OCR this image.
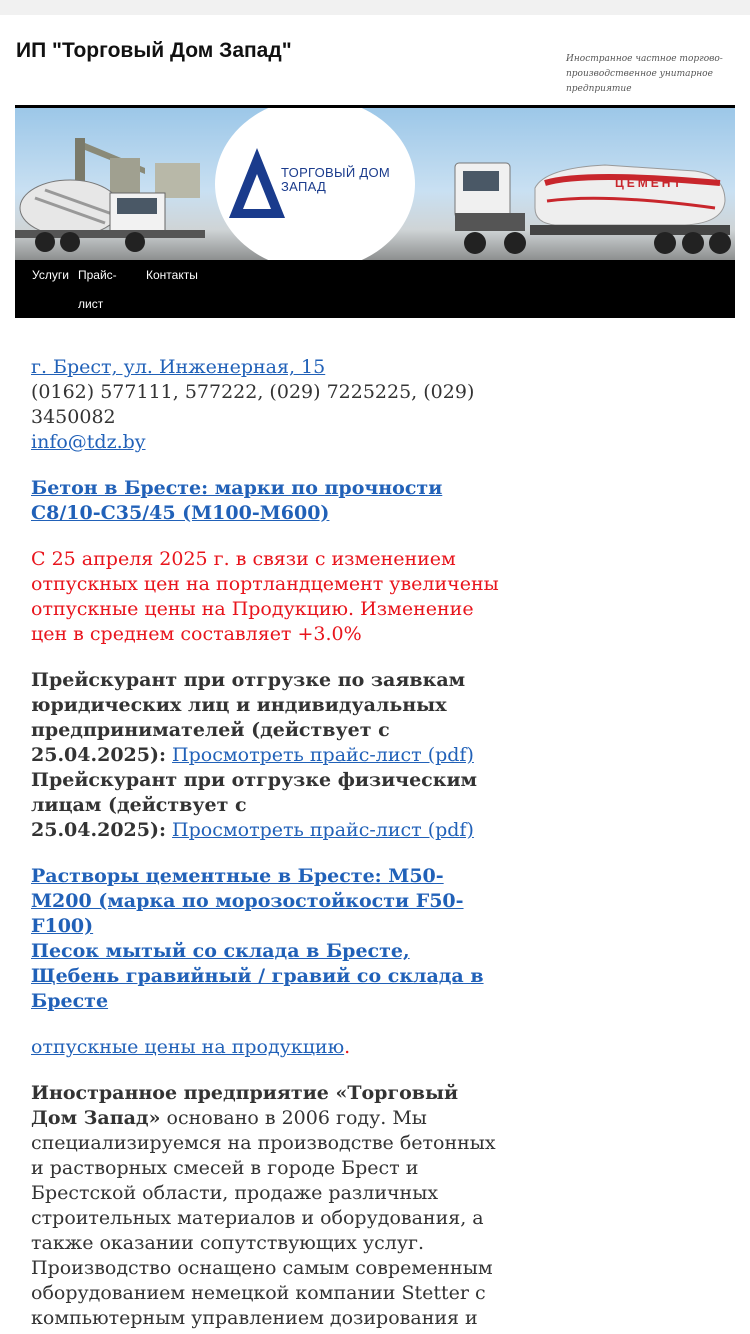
ИП "Торговый Дом Запад"	Иностранное частное торгово-производственное унитарное предприятие
ТОРГОВЫЙ ДОМ
ЗАПАД	ЦЕМЕНТ
Услуги Прайс-
лист
Контакты

г. Брест, ул. Инженерная, 15
(0162) 577111, 577222, (029) 7225225, (029)
3450082
info@tdz.by

Бетон в Бресте: марки по прочности
С8/10-С35/45 (М100-М600)

С 25 апреля 2025 г. в связи с изменением
отпускных цен на портландцемент увеличены
отпускные цены на Продукцию. Изменение
цен в среднем составляет +3.0%

Прейскурант при отгрузке по заявкам
юридических лиц и индивидуальных
предпринимателей (действует с
25.04.2025): Просмотреть прайс-лист (pdf)
Прейскурант при отгрузке физическим
лицам (действует с
25.04.2025): Просмотреть прайс-лист (pdf)

Растворы цементные в Бресте: М50-
М200 (марка по морозостойкости F50-
F100)
Песок мытый со склада в Бресте,
Щебень гравийный / гравий со склада в
Бресте

отпускные цены на продукцию.

Иностранное предприятие «Торговый
Дом Запад» основано в 2006 году. Мы
специализируемся на производстве бетонных
и растворных смесей в городе Брест и
Брестской области, продаже различных
строительных материалов и оборудования, а
также оказании сопутствующих услуг.
Производство оснащено самым современным
оборудованием немецкой компании Stetter с
компьютерным управлением дозирования и
